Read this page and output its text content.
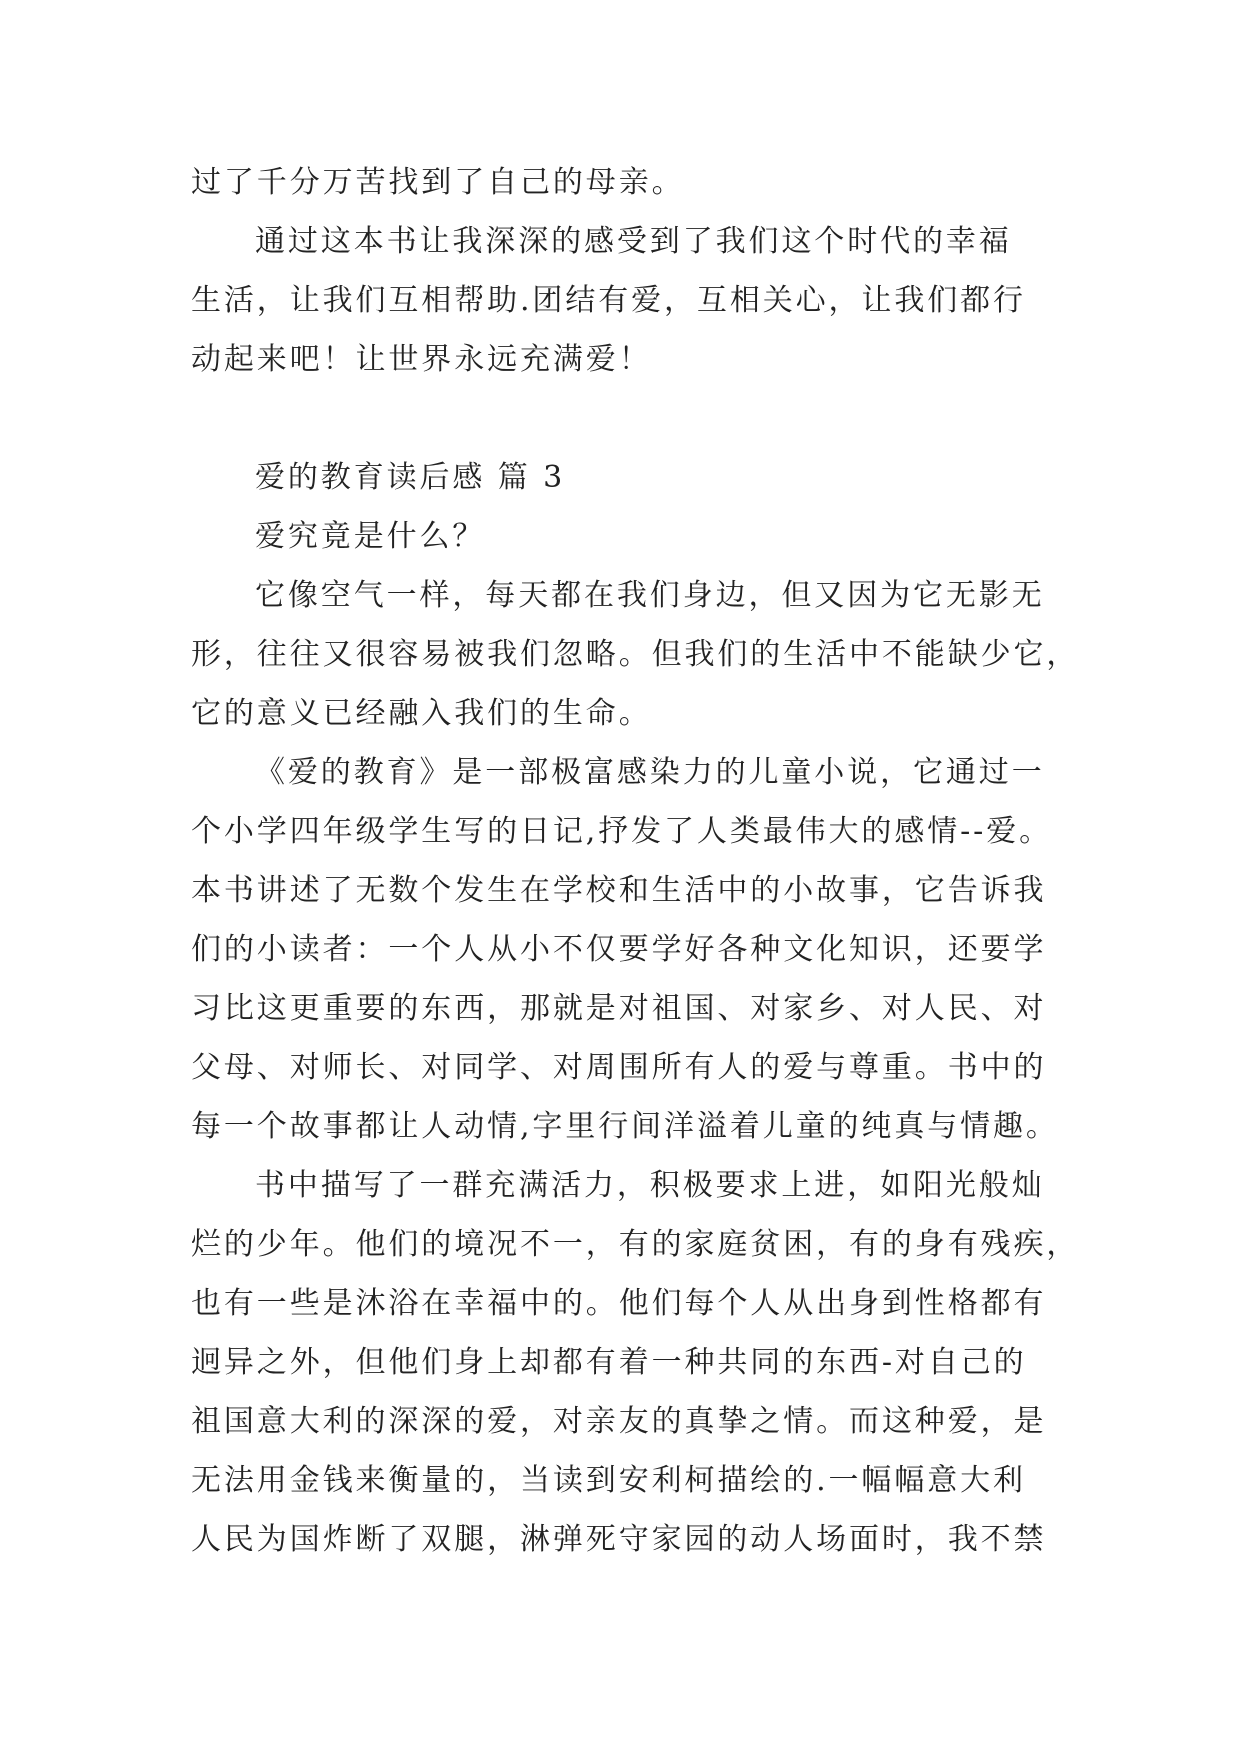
过了千分万苦找到了自己的母亲。
通过这本书让我深深的感受到了我们这个时代的幸福
生活，让我们互相帮助.团结有爱，互相关心，让我们都行
动起来吧！让世界永远充满爱！
爱的教育读后感 篇 3
爱究竟是什么？
它像空气一样，每天都在我们身边，但又因为它无影无
形，往往又很容易被我们忽略。但我们的生活中不能缺少它，
它的意义已经融入我们的生命。
《爱的教育》是一部极富感染力的儿童小说，它通过一
个小学四年级学生写的日记,抒发了人类最伟大的感情--爱。
本书讲述了无数个发生在学校和生活中的小故事，它告诉我
们的小读者：一个人从小不仅要学好各种文化知识，还要学
习比这更重要的东西，那就是对祖国、对家乡、对人民、对
父母、对师长、对同学、对周围所有人的爱与尊重。书中的
每一个故事都让人动情,字里行间洋溢着儿童的纯真与情趣。
书中描写了一群充满活力，积极要求上进，如阳光般灿
烂的少年。他们的境况不一，有的家庭贫困，有的身有残疾，
也有一些是沐浴在幸福中的。他们每个人从出身到性格都有
迥异之外，但他们身上却都有着一种共同的东西-对自己的
祖国意大利的深深的爱，对亲友的真挚之情。而这种爱，是
无法用金钱来衡量的，当读到安利柯描绘的.一幅幅意大利
人民为国炸断了双腿，淋弹死守家园的动人场面时，我不禁
